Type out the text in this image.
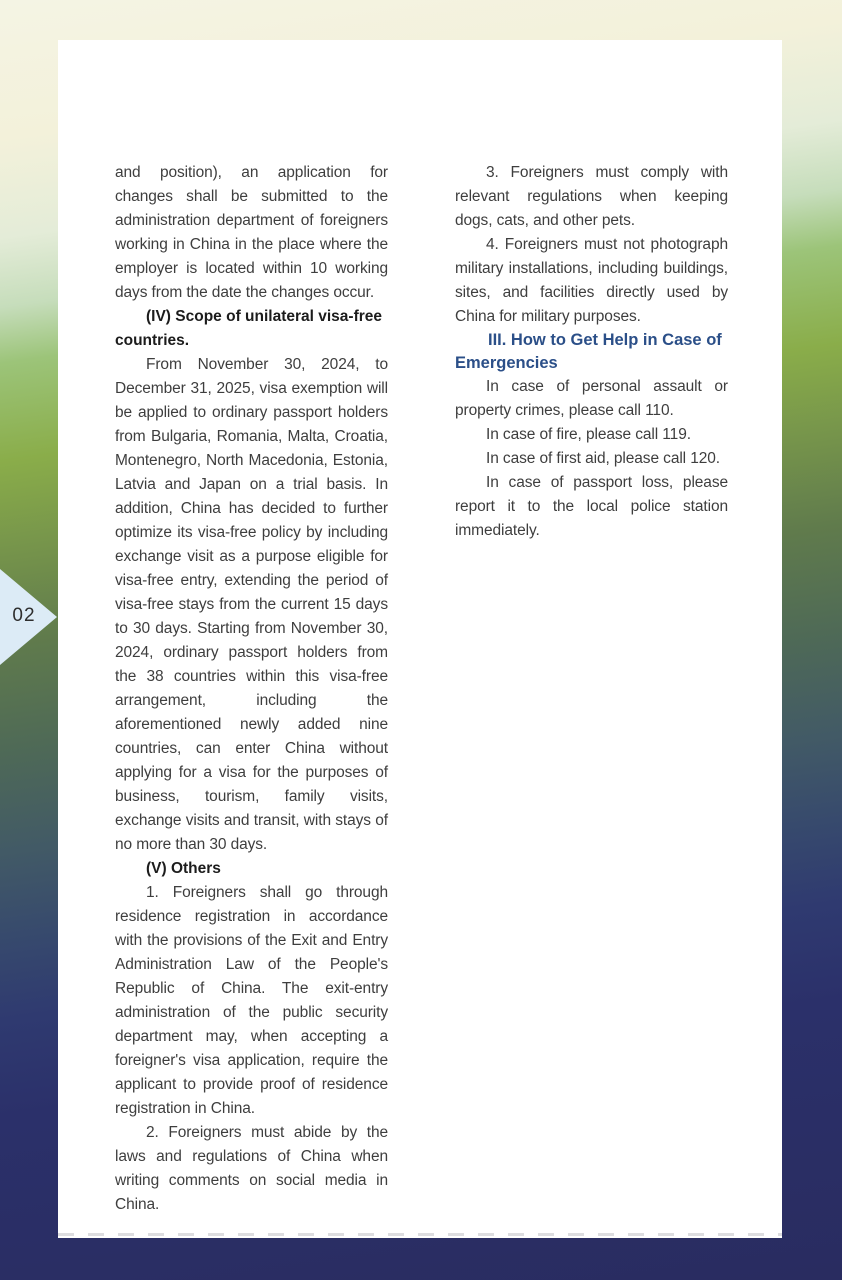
and position), an application for changes shall be submitted to the administration department of foreigners working in China in the place where the employer is located within 10 working days from the date the changes occur.

(IV) Scope of unilateral visa-free countries.

From November 30, 2024, to December 31, 2025, visa exemption will be applied to ordinary passport holders from Bulgaria, Romania, Malta, Croatia, Montenegro, North Macedonia, Estonia, Latvia and Japan on a trial basis. In addition, China has decided to further optimize its visa-free policy by including exchange visit as a purpose eligible for visa-free entry, extending the period of visa-free stays from the current 15 days to 30 days. Starting from November 30, 2024, ordinary passport holders from the 38 countries within this visa-free arrangement, including the aforementioned newly added nine countries, can enter China without applying for a visa for the purposes of business, tourism, family visits, exchange visits and transit, with stays of no more than 30 days.

(V) Others

1. Foreigners shall go through residence registration in accordance with the provisions of the Exit and Entry Administration Law of the People's Republic of China. The exit-entry administration of the public security department may, when accepting a foreigner's visa application, require the applicant to provide proof of residence registration in China.

2. Foreigners must abide by the laws and regulations of China when writing comments on social media in China.

3. Foreigners must comply with relevant regulations when keeping dogs, cats, and other pets.

4. Foreigners must not photograph military installations, including buildings, sites, and facilities directly used by China for military purposes.

III. How to Get Help in Case of Emergencies

In case of personal assault or property crimes, please call 110.

In case of fire, please call 119.

In case of first aid, please call 120.

In case of passport loss, please report it to the local police station immediately.

02
